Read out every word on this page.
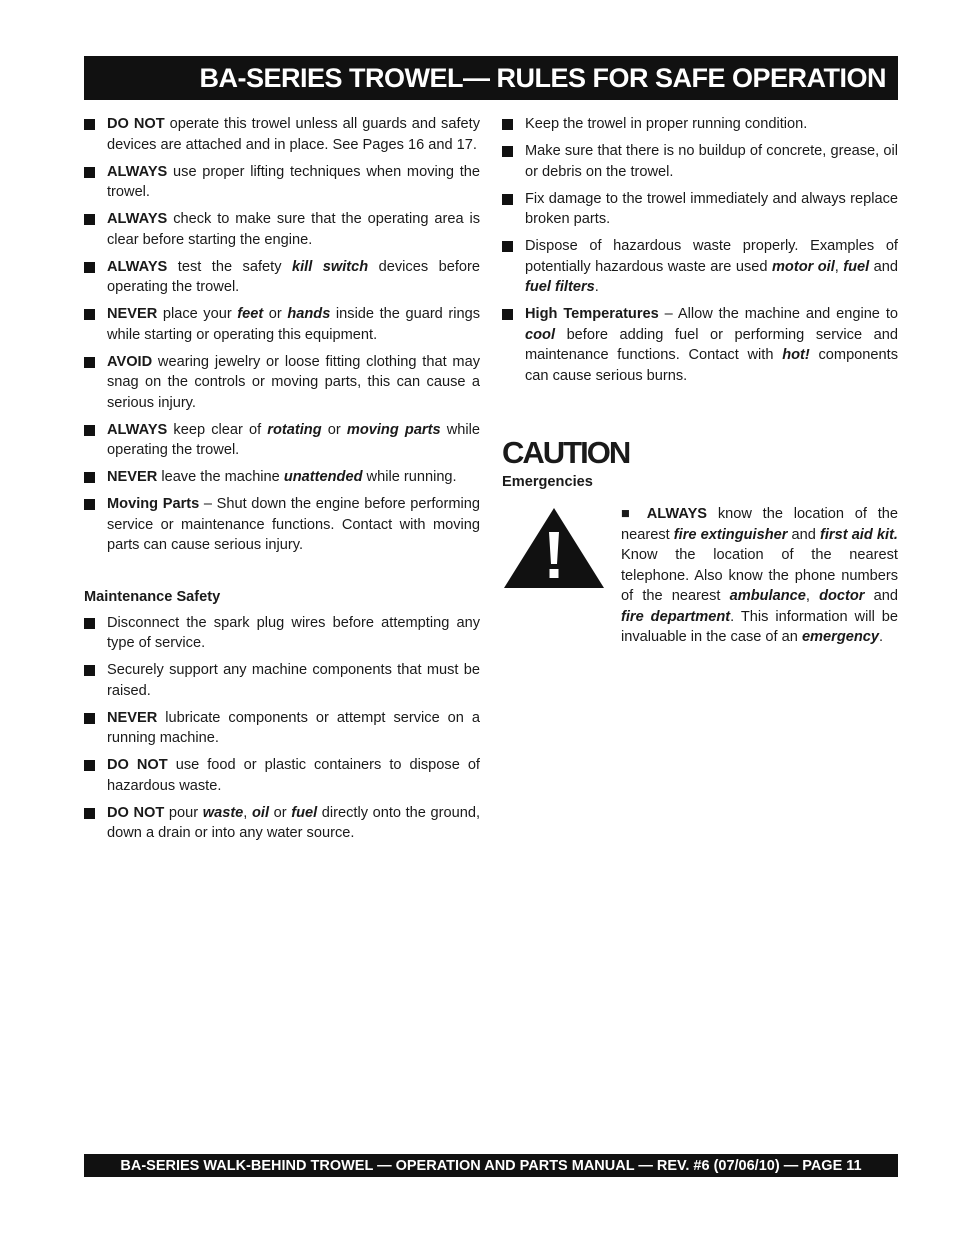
BA-SERIES TROWEL— RULES FOR SAFE OPERATION
DO NOT operate this trowel unless all guards and safety devices are attached and in place. See Pages 16 and 17.
ALWAYS use proper lifting techniques when moving the trowel.
ALWAYS check to make sure that the operating area is clear before starting the engine.
ALWAYS test the safety kill switch devices before operating the trowel.
NEVER place your feet or hands inside the guard rings while starting or operating this equipment.
AVOID wearing jewelry or loose fitting clothing that may snag on the controls or moving parts, this can cause a serious injury.
ALWAYS keep clear of rotating or moving parts while operating the trowel.
NEVER leave the machine unattended while running.
Moving Parts – Shut down the engine before performing service or maintenance functions. Contact with moving parts can cause serious injury.
Maintenance Safety
Disconnect the spark plug wires before attempting any type of service.
Securely support any machine components that must be raised.
NEVER lubricate components or attempt service on a running machine.
DO NOT use food or plastic containers to dispose of hazardous waste.
DO NOT pour waste, oil or fuel directly onto the ground, down a drain or into any water source.
Keep the trowel in proper running condition.
Make sure that there is no buildup of concrete, grease, oil or debris on the trowel.
Fix damage to the trowel immediately and always replace broken parts.
Dispose of hazardous waste properly. Examples of potentially hazardous waste are used motor oil, fuel and fuel filters.
High Temperatures – Allow the machine and engine to cool before adding fuel or performing service and maintenance functions. Contact with hot! components can cause serious burns.
CAUTION
Emergencies
■ ALWAYS know the location of the nearest fire extinguisher and first aid kit. Know the location of the nearest telephone. Also know the phone numbers of the nearest ambulance, doctor and fire department. This information will be invaluable in the case of an emergency.
BA-SERIES WALK-BEHIND TROWEL — OPERATION AND PARTS MANUAL — REV. #6 (07/06/10) — PAGE 11
